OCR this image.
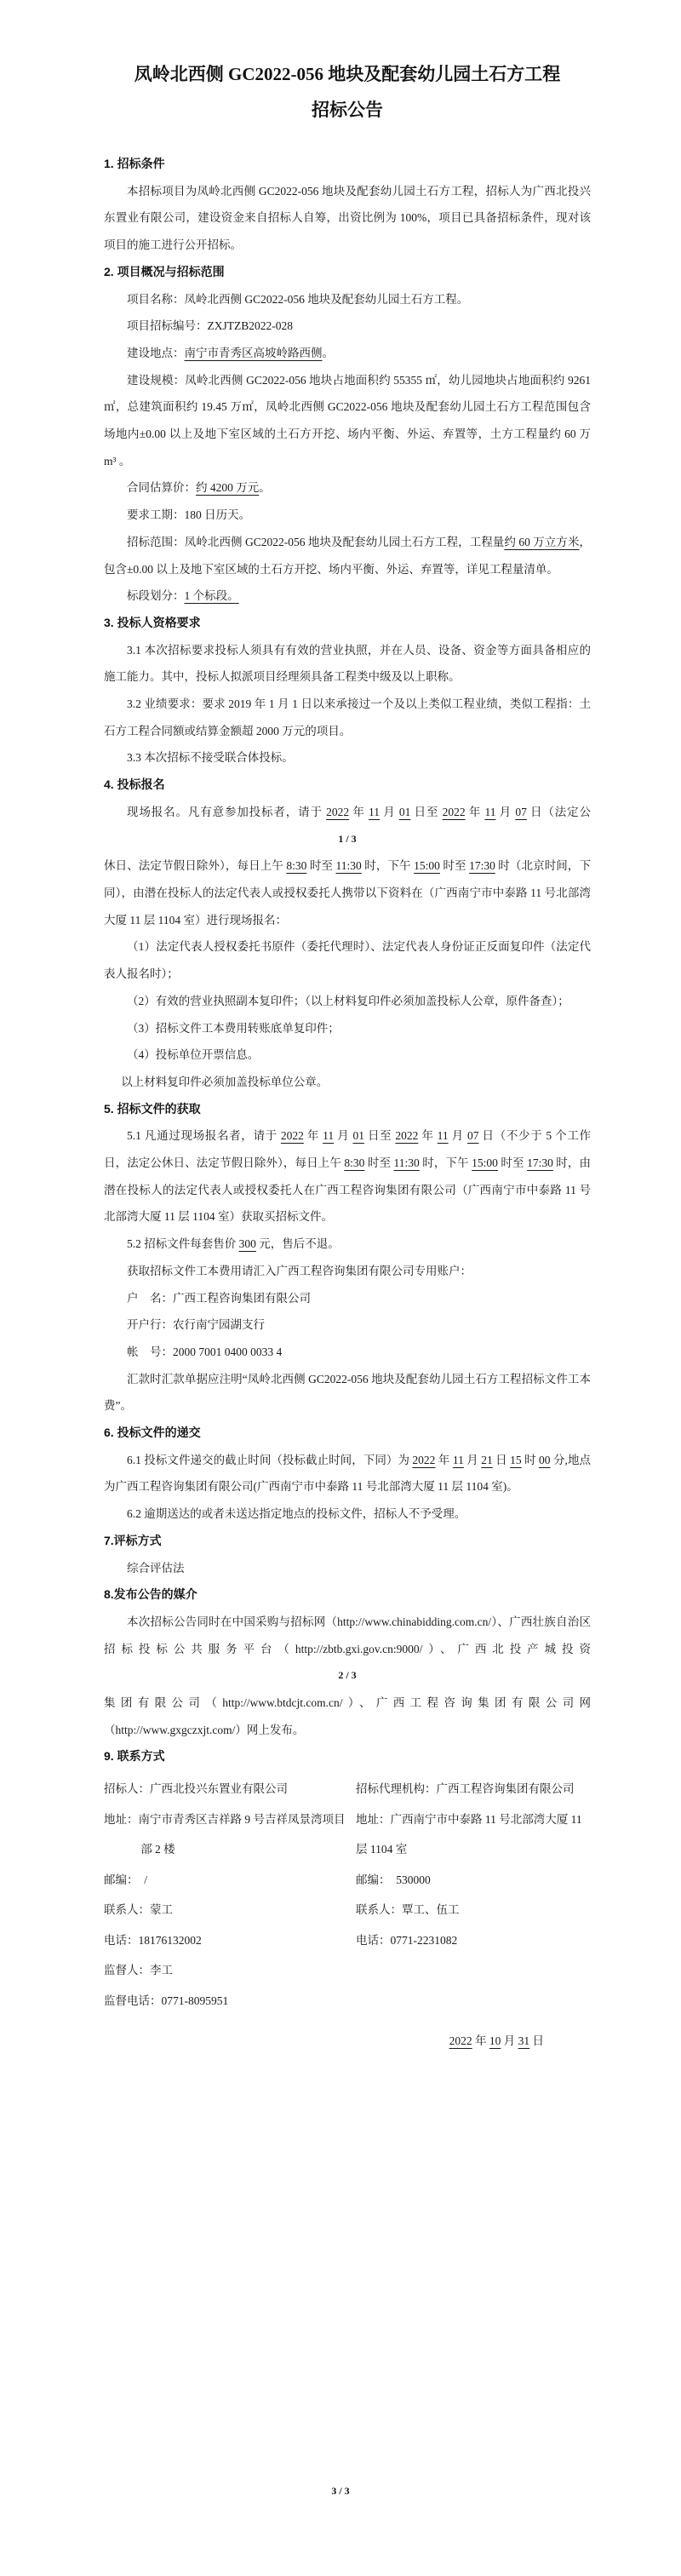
凤岭北西侧 GC2022-056 地块及配套幼儿园土石方工程
招标公告
1. 招标条件

本招标项目为凤岭北西侧 GC2022-056 地块及配套幼儿园土石方工程，招标人为广西北投兴东置业有限公司，建设资金来自招标人自筹，出资比例为 100%，项目已具备招标条件，现对该项目的施工进行公开招标。

2. 项目概况与招标范围

项目名称：凤岭北西侧 GC2022-056 地块及配套幼儿园土石方工程。

项目招标编号：ZXJTZB2022-028

建设地点：南宁市青秀区高坡岭路西侧。

建设规模：凤岭北西侧 GC2022-056 地块占地面积约 55355 ㎡，幼儿园地块占地面积约 9261 ㎡，总建筑面积约 19.45 万㎡，凤岭北西侧 GC2022-056 地块及配套幼儿园土石方工程范围包含场地内±0.00 以上及地下室区域的土石方开挖、场内平衡、外运、弃置等，土方工程量约 60 万 m³ 。

合同估算价：约 4200 万元。

要求工期：180 日历天。

招标范围：凤岭北西侧 GC2022-056 地块及配套幼儿园土石方工程，工程量约 60 万立方米，包含±0.00 以上及地下室区域的土石方开挖、场内平衡、外运、弃置等，详见工程量清单。

标段划分：1 个标段。

3. 投标人资格要求

3.1 本次招标要求投标人须具有有效的营业执照，并在人员、设备、资金等方面具备相应的施工能力。其中，投标人拟派项目经理须具备工程类中级及以上职称。

3.2 业绩要求：要求 2019 年 1 月 1 日以来承接过一个及以上类似工程业绩，类似工程指：土石方工程合同额或结算金额超 2000 万元的项目。

3.3 本次招标不接受联合体投标。

4. 投标报名

现场报名。凡有意参加投标者，请于 2022 年 11 月 01 日至 2022 年 11 月 07 日（法定公

1 / 3

休日、法定节假日除外），每日上午 8:30 时至 11:30 时，下午 15:00 时至 17:30 时（北京时间，下同），由潜在投标人的法定代表人或授权委托人携带以下资料在（广西南宁市中泰路 11 号北部湾大厦 11 层 1104 室）进行现场报名：

（1）法定代表人授权委托书原件（委托代理时）、法定代表人身份证正反面复印件（法定代表人报名时）；

（2）有效的营业执照副本复印件；（以上材料复印件必须加盖投标人公章，原件备查）；

（3）招标文件工本费用转账底单复印件；

（4）投标单位开票信息。

以上材料复印件必须加盖投标单位公章。

5. 招标文件的获取

5.1 凡通过现场报名者，请于 2022 年 11 月 01 日至 2022 年 11 月 07 日（不少于 5 个工作日，法定公休日、法定节假日除外），每日上午 8:30 时至 11:30 时，下午 15:00 时至 17:30 时，由潜在投标人的法定代表人或授权委托人在广西工程咨询集团有限公司（广西南宁市中泰路 11 号北部湾大厦 11 层 1104 室）获取买招标文件。

5.2 招标文件每套售价 300 元，售后不退。

获取招标文件工本费用请汇入广西工程咨询集团有限公司专用账户：

户　名：广西工程咨询集团有限公司

开户行：农行南宁园湖支行

帐　号：2000 7001 0400 0033 4

汇款时汇款单据应注明“凤岭北西侧 GC2022-056 地块及配套幼儿园土石方工程招标文件工本费”。

6. 投标文件的递交

6.1 投标文件递交的截止时间（投标截止时间，下同）为 2022 年 11 月 21 日 15 时 00 分,地点为广西工程咨询集团有限公司(广西南宁市中泰路 11 号北部湾大厦 11 层 1104 室)。

6.2 逾期送达的或者未送达指定地点的投标文件，招标人不予受理。

7.评标方式

综合评估法

8.发布公告的媒介

本次招标公告同时在中国采购与招标网（http://www.chinabidding.com.cn/）、广西壮族自治区招标投标公共服务平台（http://zbtb.gxi.gov.cn:9000/）、广西北投产城投资

2 / 3

集团有限公司（http://www.btdcjt.com.cn/）、广西工程咨询集团有限公司网（http://www.gxgczxjt.com/）网上发布。

9. 联系方式
招标人：广西北投兴东置业有限公司
地址：南宁市青秀区吉祥路 9 号吉祥凤景湾项目部 2 楼
邮编：　/
联系人：蒙工
电话：18176132002
监督人：李工
监督电话：0771-8095951
招标代理机构：广西工程咨询集团有限公司
地址：广西南宁市中泰路 11 号北部湾大厦 11 层 1104 室
邮编：　530000
联系人：覃工、伍工
电话：0771-2231082
2022 年 10 月 31 日
3 / 3
